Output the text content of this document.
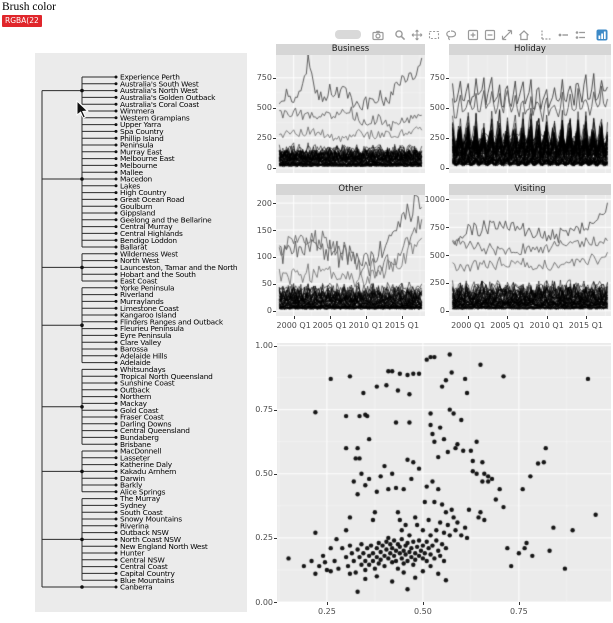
Brush color
RGBA(22
Experience Perth
Australia's South West
Australia's North West
Australia's Golden Outback
Australia's Coral Coast
Wimmera
Western Grampians
Upper Yarra
Spa Country
Phillip Island
Peninsula
Murray East
Melbourne East
Melbourne
Mallee
Macedon
Lakes
High Country
Great Ocean Road
Goulburn
Gippsland
Geelong and the Bellarine
Central Murray
Central Highlands
Bendigo Loddon
Ballarat
Wilderness West
North West
Launceston, Tamar and the North
Hobart and the South
East Coast
Yorke Peninsula
Riverland
Murraylands
Limestone Coast
Kangaroo Island
Flinders Ranges and Outback
Fleurieu Peninsula
Eyre Peninsula
Clare Valley
Barossa
Adelaide Hills
Adelaide
Whitsundays
Tropical North Queensland
Sunshine Coast
Outback
Northern
Mackay
Gold Coast
Fraser Coast
Darling Downs
Central Queensland
Bundaberg
Brisbane
MacDonnell
Lasseter
Katherine Daly
Kakadu Arnhem
Darwin
Barkly
Alice Springs
The Murray
Sydney
South Coast
Snowy Mountains
Riverina
Outback NSW
North Coast NSW
New England North West
Hunter
Central NSW
Central Coast
Capital Country
Blue Mountains
Canberra
Business
0
250
500
750
Holiday
0
250
500
750
Other
0
50
100
150
200
2000 Q1 2005 Q1 2010 Q1 2015 Q1
Visiting
0
250
500
750
1000
2000 Q1 2005 Q1 2010 Q1 2015 Q1
0.00
0.25
0.50
0.75
1.00
0.25	0.50	0.75
